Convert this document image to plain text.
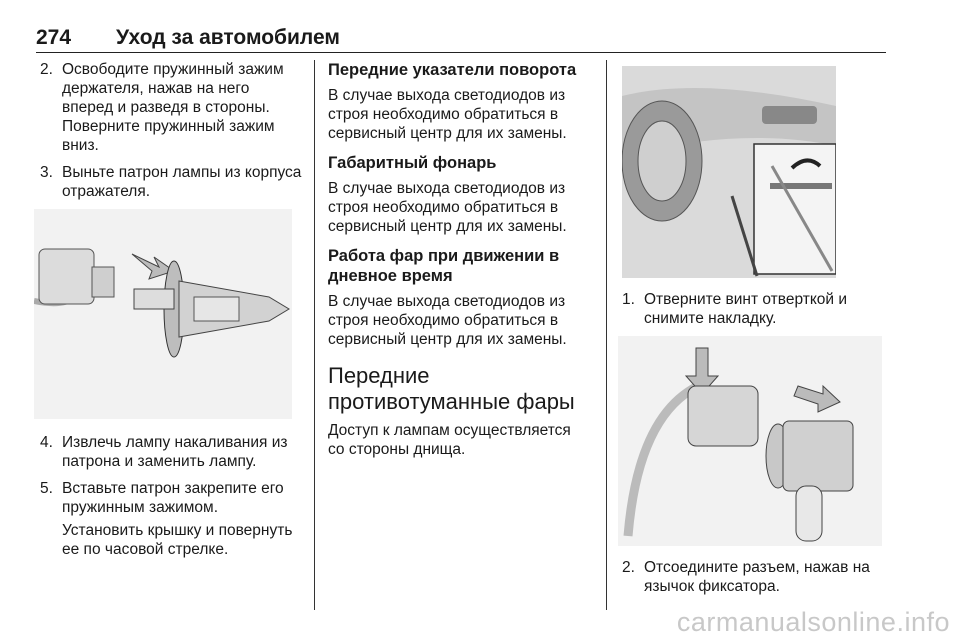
274 Уход за автомобилем
2. Освободите пружинный зажим держателя, нажав на него вперед и разведя в стороны. Поверните пружинный зажим вниз.
3. Выньте патрон лампы из корпуса отражателя.
4. Извлечь лампу накаливания из патрона и заменить лампу.
5. Вставьте патрон закрепите его пружинным зажимом.
Установить крышку и повернуть ее по часовой стрелке.
Передние указатели поворота
В случае выхода светодиодов из строя необходимо обратиться в сервисный центр для их замены.
Габаритный фонарь
В случае выхода светодиодов из строя необходимо обратиться в сервисный центр для их замены.
Работа фар при движении в дневное время
В случае выхода светодиодов из строя необходимо обратиться в сервисный центр для их замены.
Передние противотуманные фары
Доступ к лампам осуществляется со стороны днища.
1. Отверните винт отверткой и снимите накладку.
2. Отсоедините разъем, нажав на язычок фиксатора.
carmanualsonline.info
